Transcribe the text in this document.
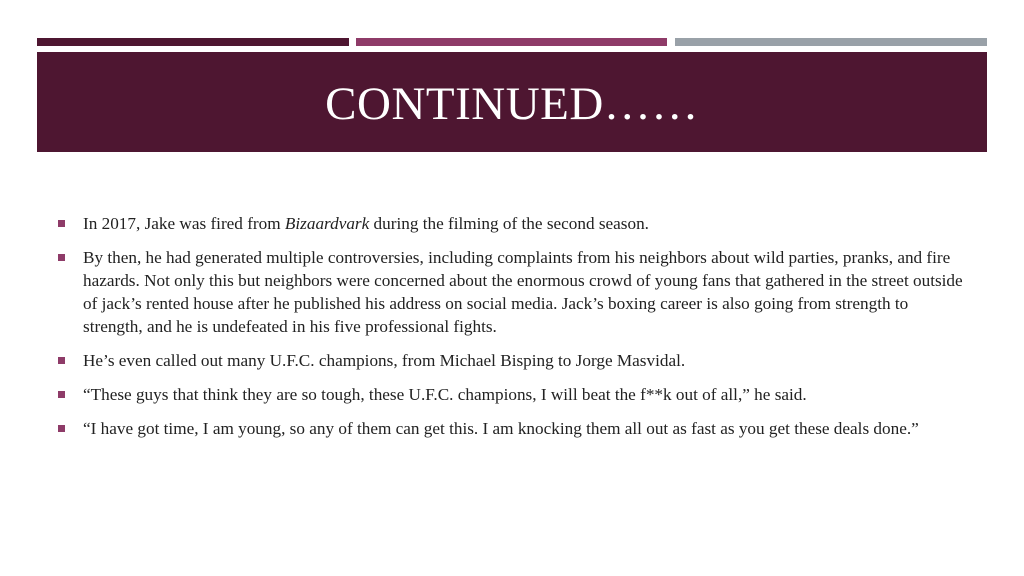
CONTINUED……
In 2017, Jake was fired from Bizaardvark during the filming of the second season.
By then, he had generated multiple controversies, including complaints from his neighbors about wild parties, pranks, and fire hazards. Not only this but neighbors were concerned about the enormous crowd of young fans that gathered in the street outside of jack’s rented house after he published his address on social media. Jack’s boxing career is also going from strength to strength, and he is undefeated in his five professional fights.
He’s even called out many U.F.C. champions, from Michael Bisping to Jorge Masvidal.
“These guys that think they are so tough, these U.F.C. champions, I will beat the f**k out of all,” he said.
“I have got time, I am young, so any of them can get this. I am knocking them all out as fast as you get these deals done.”
